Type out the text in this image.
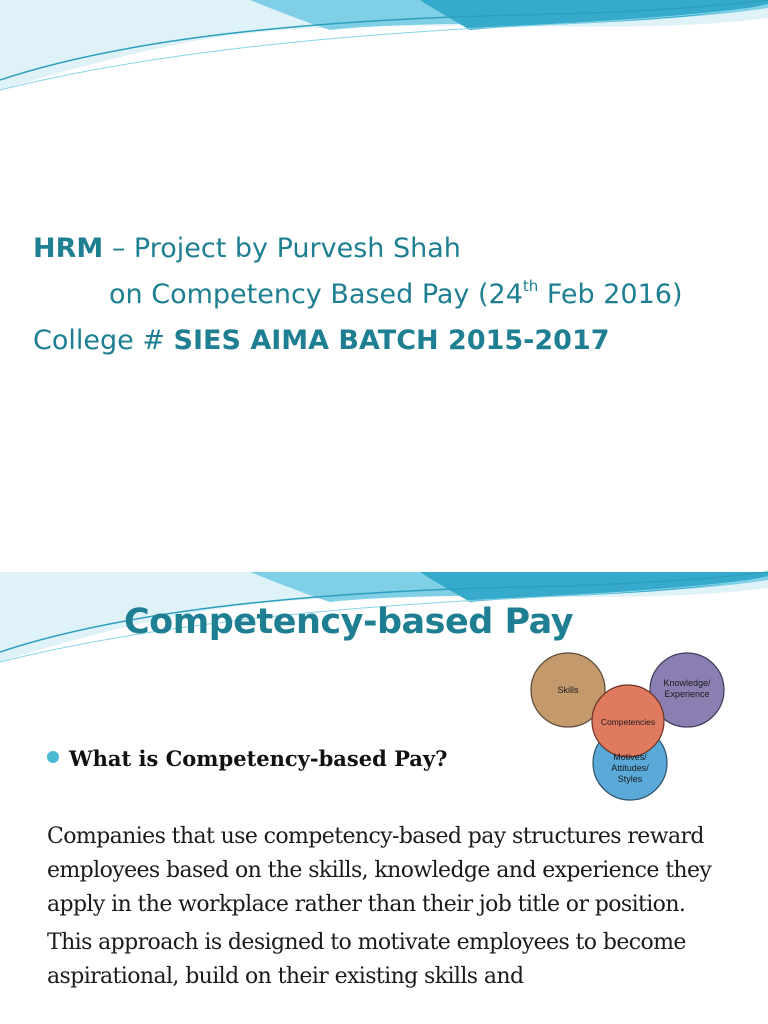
HRM – Project by Purvesh Shah
on Competency Based Pay (24th Feb 2016)
College # SIES AIMA BATCH 2015-2017
Competency-based Pay
Skills
Knowledge/
Experience
Competencies
Motives/
Attitudes/
Styles
What is Competency-based Pay?

Companies that use competency-based pay structures reward employees based on the skills, knowledge and experience they apply in the workplace rather than their job title or position.

This approach is designed to motivate employees to become aspirational, build on their existing skills and
